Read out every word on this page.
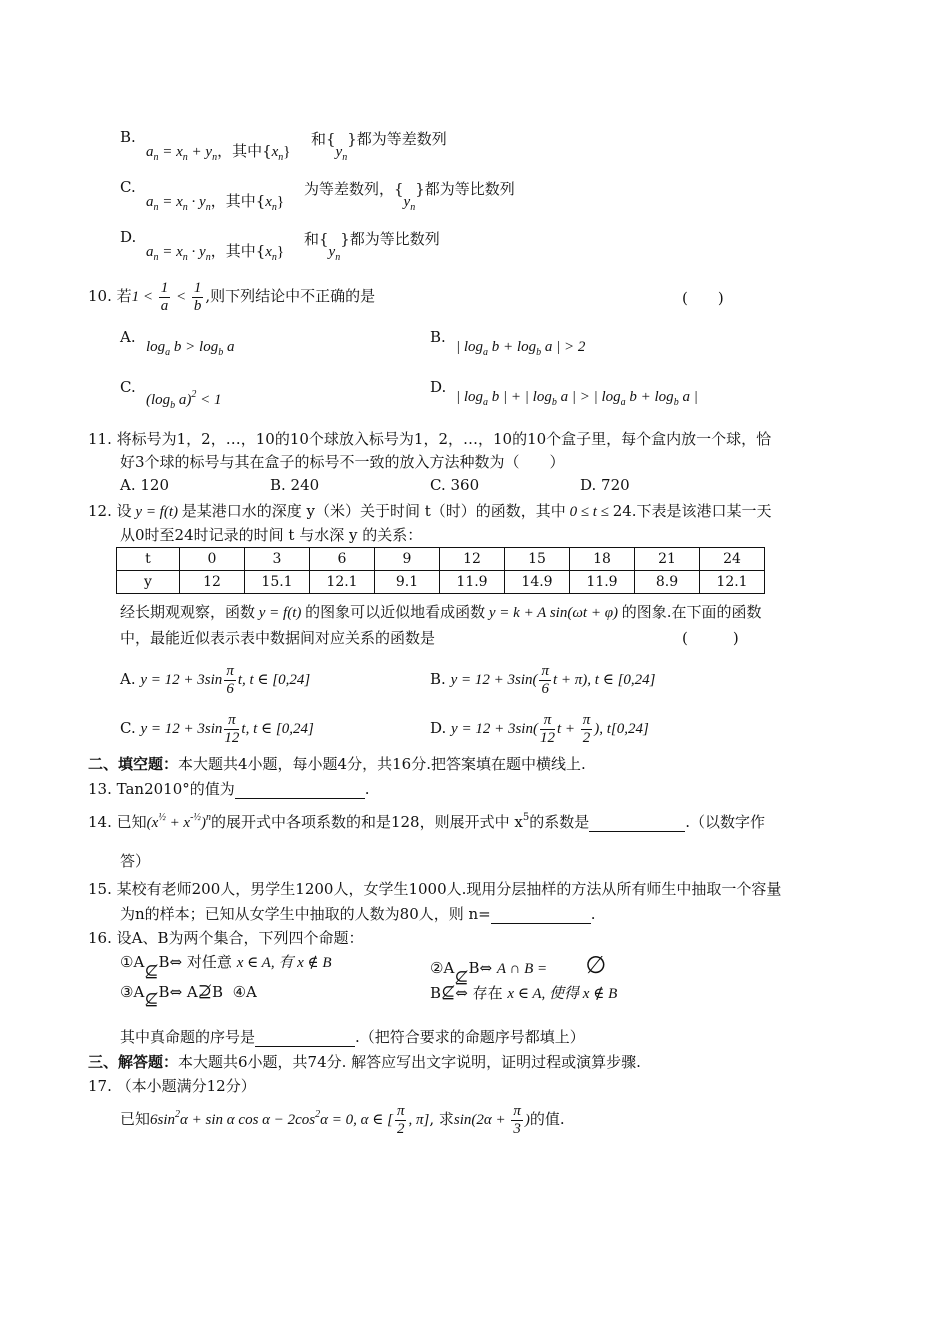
B.
$a_n = x_n + y_n$，其中$\{x_n\}$
和$\{y_n\}$都为等差数列
C.
$a_n = x_n \cdot y_n$，其中$\{x_n\}$
为等差数列，$\{y_n\}$都为等比数列
D.
$a_n = x_n \cdot y_n$，其中$\{x_n\}$
和$\{y_n\}$都为等比数列
10. 若$1 < \frac{1}{a} < \frac{1}{b}$ ,则下列结论中不正确的是	(　　)
A.
$\log_a b > \log_b a$
B.
| $\log_a b + \log_b a$ | > 2
C.
($\log_b$ a)$^2$ < 1
D.
| $\log_a b$ | + | $\log_b a$ | > | $\log_a b + \log_b a$ |
11. 将标号为1，2，…，10的10个球放入标号为1，2，…，10的10个盒子里，每个盒内放一个球，恰
好3个球的标号与其在盒子的标号不一致的放入方法种数为（　　）
A. 120	B. 240	C. 360	D. 720
12. 设 y = f(t) 是某港口水的深度 y（米）关于时间 t（时）的函数，其中 0 ≤ t ≤ 24.下表是该港口某一天
从0时至24时记录的时间 t 与水深 y 的关系：
t	0	3	6	9	12	15	18	21	24
y	12	15.1	12.1	9.1	11.9	14.9	11.9	8.9	12.1
经长期观观察，函数 y = f(t) 的图象可以近似地看成函数 y = k + A sin(ωt + φ) 的图象.在下面的函数
中，最能近似表示表中数据间对应关系的函数是	(　　　)
A. $y = 12 + 3\sin \frac{\pi}{6} t$, t ∈ [0,24]	B. $y = 12 + 3\sin( \frac{\pi}{6}$ t + π), t ∈ [0,24]
C. $y = 12 + 3\sin \frac{\pi}{12} t$, t ∈ [0,24]	D. $y = 12 + 3\sin( \frac{\pi}{12}$ $t + \frac{\pi}{2}$ ), t[0,24]
二、填空题：本大题共4小题，每小题4分，共16分.把答案填在题中横线上.
13. Tan2010°的值为	.
14. 已知$(x^{\frac{1}{2}} + x^{-\frac{1}{2}})^n$的展开式中各项系数的和是128，则展开式中 $x^5$的系数是	.（以数字作
答）
15. 某校有老师200人，男学生1200人，女学生1000人.现用分层抽样的方法从所有师生中抽取一个容量
为n的样本；已知从女学生中抽取的人数为80人，则 n=	.
16. 设A、B为两个集合，下列四个命题：
①A⊈B⇔ 对任意 x ∈ A, 有 x ∉ B	②A⊈B⇔ A ∩ B = ∅
③A⊈B⇔ A⊉B ④A	B⊈⇔ 存在 x ∈ A, 使得 x ∉ B
其中真命题的序号是	.（把符合要求的命题序号都填上）
三、解答题：本大题共6小题，共74分. 解答应写出文字说明，证明过程或演算步骤.
17. （本小题满分12分）
已知$6\sin^2\alpha + \sin \alpha$ $\cos \alpha - 2\cos^2\alpha = 0$, α ∈ [ $\frac{\pi}{2}$ , π], 求$\sin(2\alpha + \frac{\pi}{3}$ )的值.
